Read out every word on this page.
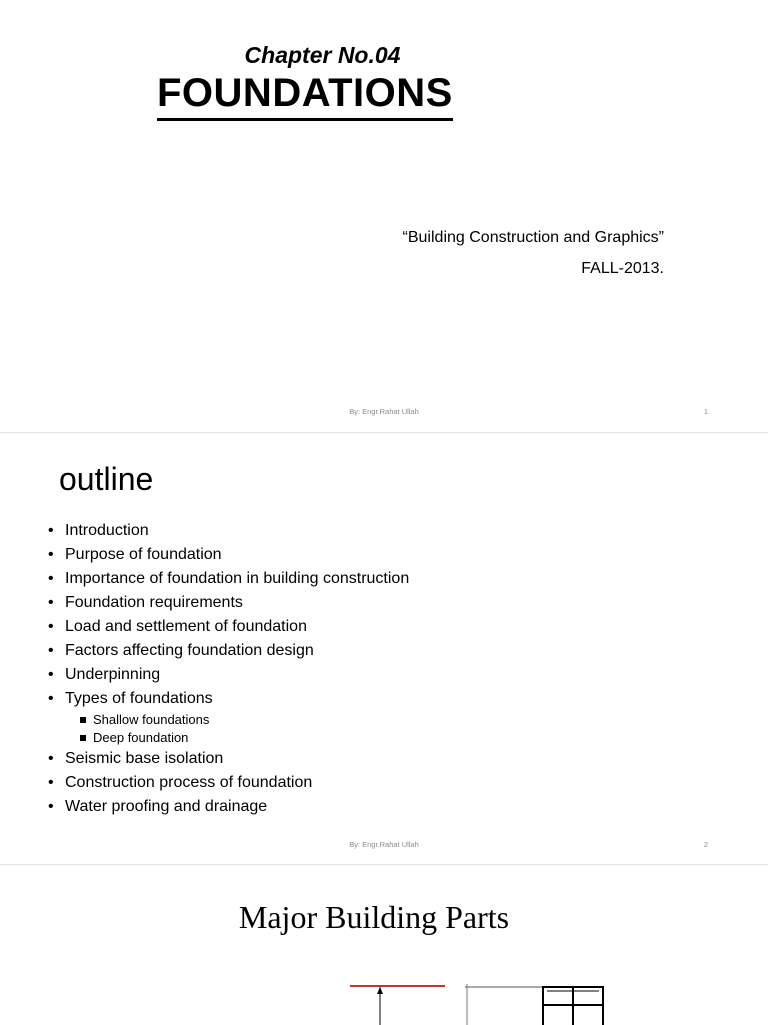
Chapter No.04
FOUNDATIONS
“Building Construction and Graphics”
FALL-2013.
By: Engr.Rahat Ullah	1
outline
• Introduction
• Purpose of foundation
• Importance of foundation in building construction
• Foundation requirements
• Load and settlement of foundation
• Factors affecting foundation design
• Underpinning
• Types of foundations
Shallow foundations
Deep foundation
• Seismic base isolation
• Construction process of foundation
• Water proofing and drainage
By: Engr.Rahat Ullah	2
Major Building Parts
